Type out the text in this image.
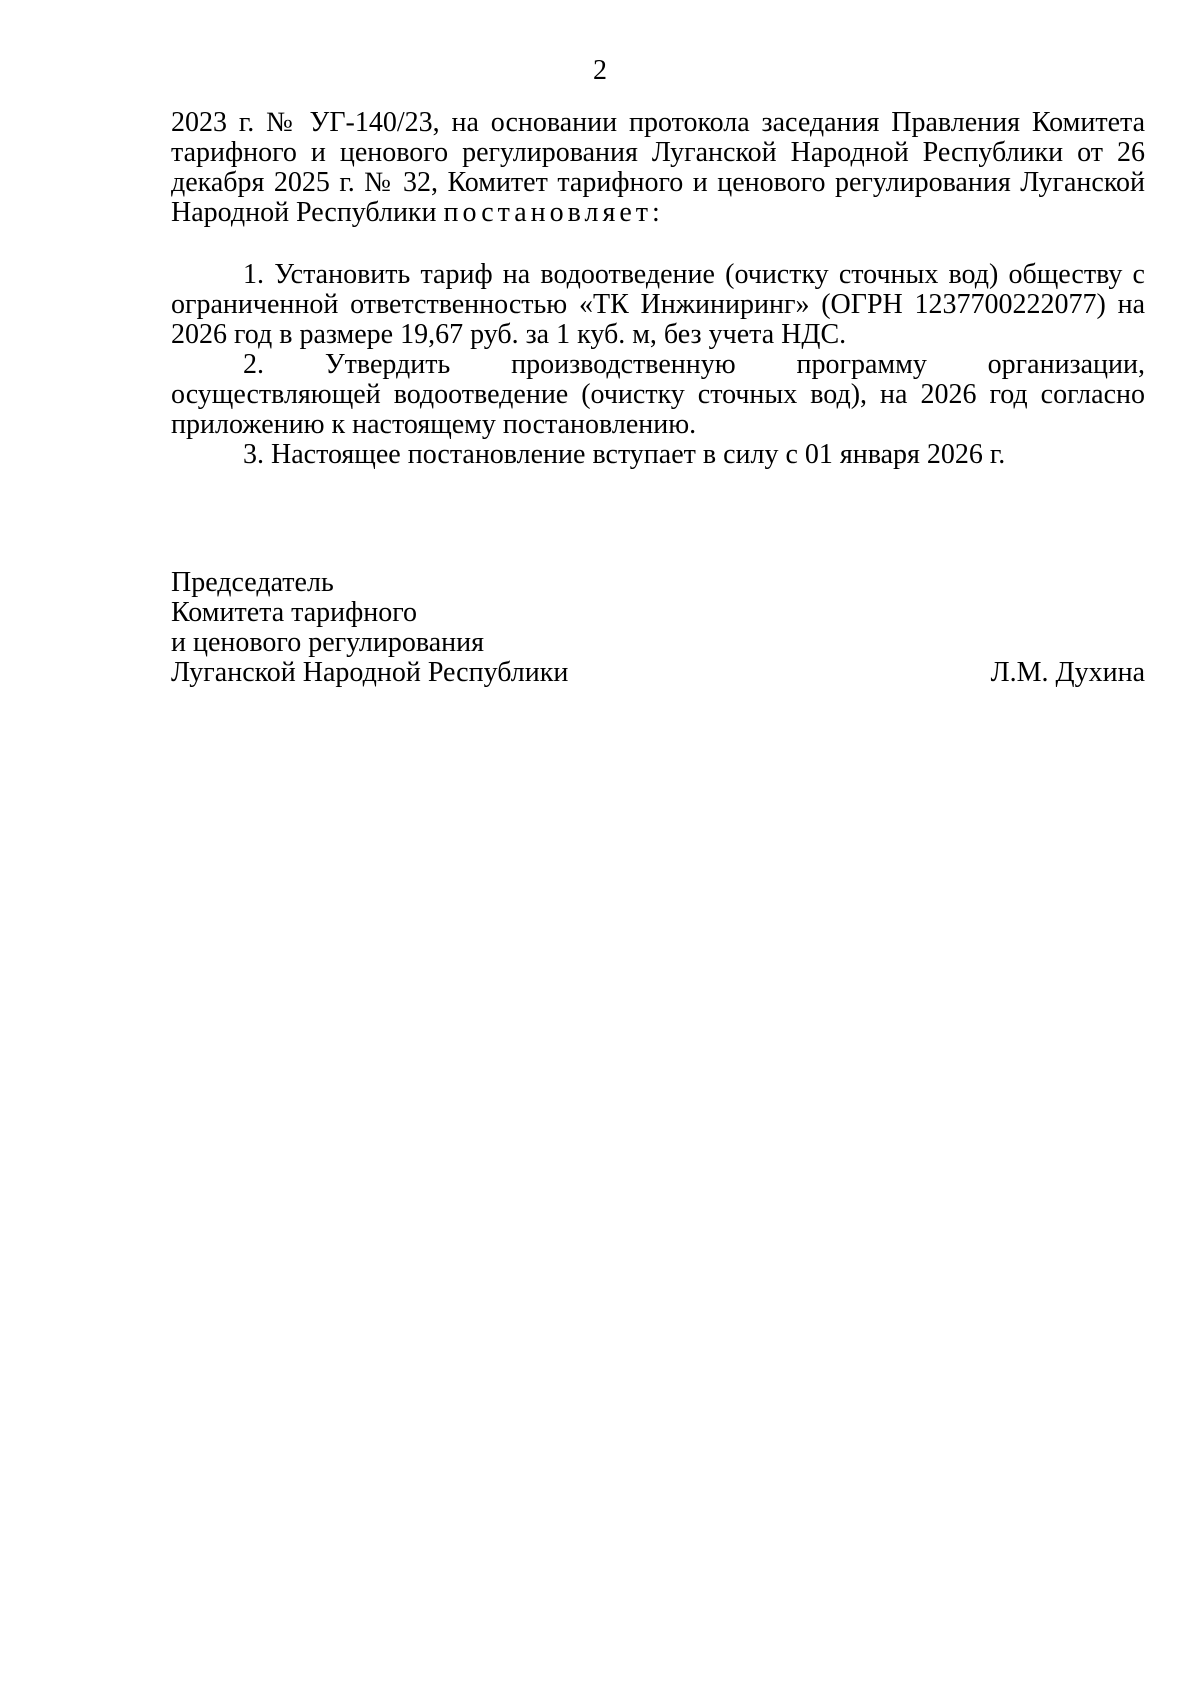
2

2023 г. № УГ-140/23, на основании протокола заседания Правления Комитета тарифного и ценового регулирования Луганской Народной Республики от 26 декабря 2025 г. № 32, Комитет тарифного и ценового регулирования Луганской Народной Республики постановляет:

1. Установить тариф на водоотведение (очистку сточных вод) обществу с ограниченной ответственностью «ТК Инжиниринг» (ОГРН 1237700222077) на 2026 год в размере 19,67 руб. за 1 куб. м, без учета НДС.

2. Утвердить производственную программу организации, осуществляющей водоотведение (очистку сточных вод), на 2026 год согласно приложению к настоящему постановлению.

3. Настоящее постановление вступает в силу с 01 января 2026 г.

Председатель
Комитета тарифного
и ценового регулирования
Луганской Народной Республики	Л.М. Духина
